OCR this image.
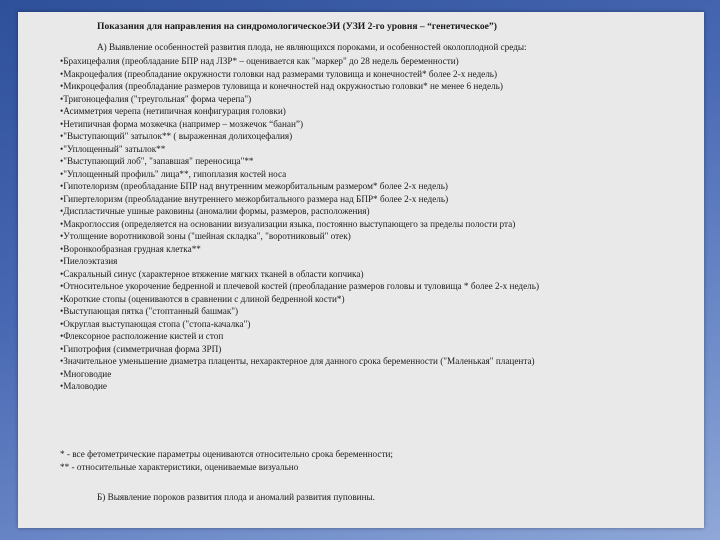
Показания для направления на синдромологическоеЭИ (УЗИ 2-го уровня – “генетическое”)
А) Выявление особенностей развития плода, не являющихся пороками, и особенностей околоплодной среды:
•Брахицефалия (преобладание БПР над ЛЗР* – оценивается как "маркер" до 28 недель беременности)
•Макроцефалия (преобладание окружности головки над размерами туловища и конечностей* более 2-х недель)
•Микроцефалия (преобладание размеров туловища и конечностей над окружностью головки* не менее 6 недель)
•Тригоноцефалия ("треугольная" форма черепа")
•Асимметрия черепа (нетипичная конфигурация головки)
•Нетипичная форма мозжечка (например – мозжечок “банан”)
•"Выступающий" затылок** ( выраженная долихоцефалия)
•"Уплощенный" затылок**
•"Выступающий лоб", "запавшая" переносица"**
•"Уплощенный профиль" лица**, гипоплазия костей носа
•Гипотелоризм (преобладание БПР над внутренним межорбитальным размером* более 2-х недель)
•Гипертелоризм (преобладание внутреннего межорбитального размера над БПР* более 2-х недель)
•Диспластичные ушные раковины (аномалии формы, размеров, расположения)
•Макроглоссия (определяется на основании визуализации языка, постоянно выступающего за пределы полости рта)
•Утолщение воротниковой зоны ("шейная складка", "воротниковый" отек)
•Воронкообразная грудная клетка**
•Пиелоэктазия
•Сакральный синус (характерное втяжение мягких тканей в области копчика)
•Относительное укорочение бедренной и плечевой костей (преобладание размеров головы и туловища * более 2-х недель)
•Короткие стопы (оцениваются в сравнении с длиной бедренной кости*)
•Выступающая пятка ("стоптанный башмак")
•Округлая выступающая стопа ("стопа-качалка")
•Флексорное расположение кистей и стоп
•Гипотрофия (симметричная форма ЗРП)
•Значительное уменьшение диаметра плаценты, нехарактерное для данного срока беременности ("Маленькая" плацента)
•Многоводие
•Маловодие
* - все фетометрические параметры оцениваются относительно срока беременности;
** - относительные характеристики, оцениваемые визуально
Б) Выявление пороков развития плода и аномалий развития пуповины.
